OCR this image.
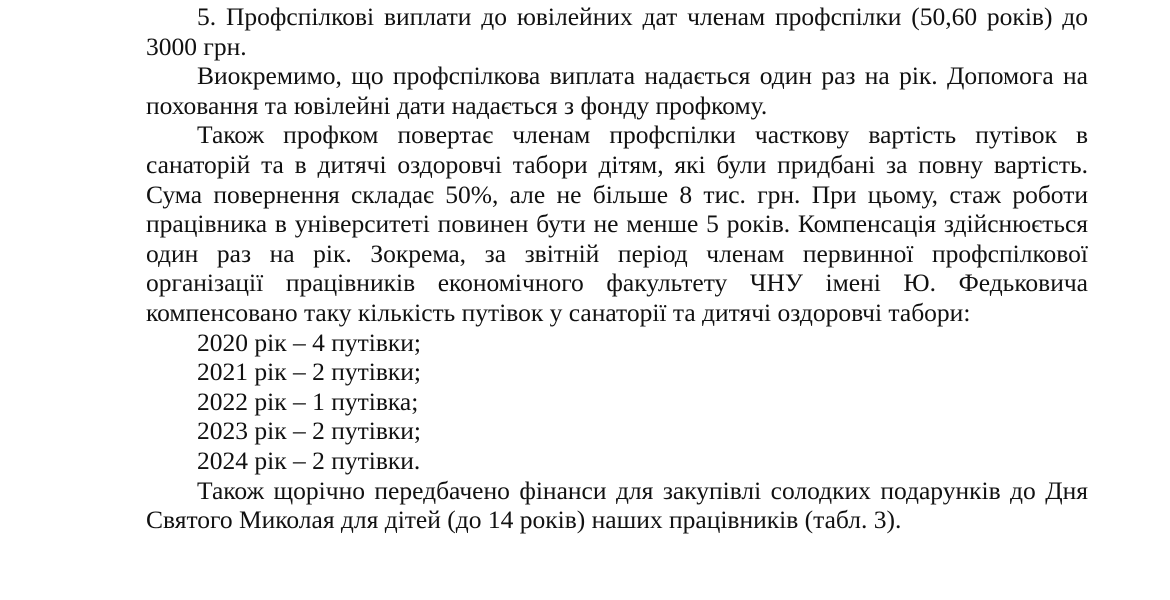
5. Профспілкові виплати до ювілейних дат членам профспілки (50,60 років) до 3000 грн.

Виокремимо, що профспілкова виплата надається один раз на рік. Допомога на поховання та ювілейні дати надається з фонду профкому.

Також профком повертає членам профспілки часткову вартість путівок в санаторій та в дитячі оздоровчі табори дітям, які були придбані за повну вартість. Сума повернення складає 50%, але не більше 8 тис. грн. При цьому, стаж роботи працівника в університеті повинен бути не менше 5 років. Компенсація здійснюється один раз на рік. Зокрема, за звітній період членам первинної профспілкової організації працівників економічного факультету ЧНУ імені Ю. Федьковича компенсовано таку кількість путівок у санаторії та дитячі оздоровчі табори:

2020 рік – 4 путівки;

2021 рік – 2 путівки;

2022 рік – 1 путівка;

2023 рік – 2 путівки;

2024 рік – 2 путівки.

Також щорічно передбачено фінанси для закупівлі солодких подарунків до Дня Святого Миколая для дітей (до 14 років) наших працівників (табл. 3).
